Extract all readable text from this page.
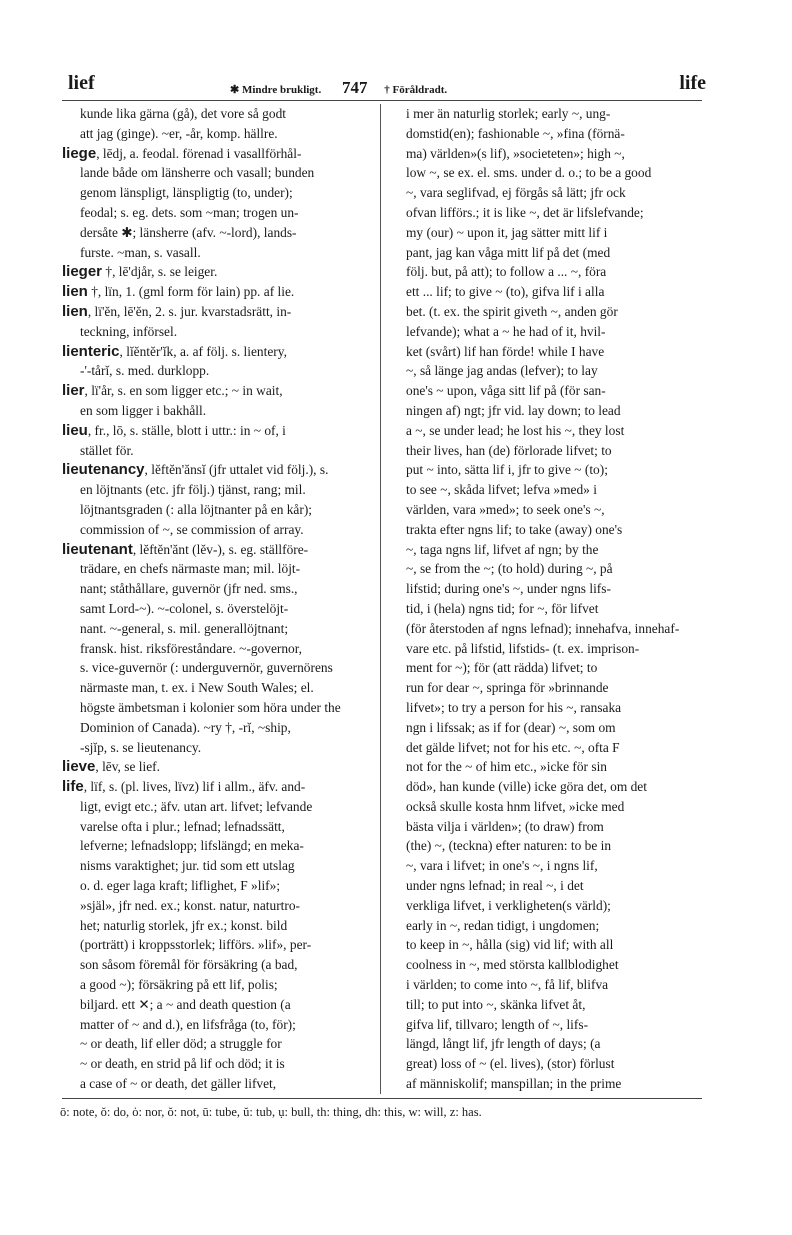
lief	✱ Mindre brukligt. 747 † Föråldradt.	life
kunde lika gärna (gå), det vore så godt
att jag (ginge). ~er, -år, komp. hällre.
liege, lēdj, a. feodal. förenad i vasallförhål-
lande både om länsherre och vasall; bunden
genom länspligt, länspligtig (to, under);
feodal; s. eg. dets. som ~man; trogen un-
dersåte ✱; länsherre (afv. ~-lord), lands-
furste. ~man, s. vasall.
lieger †, lē'djår, s. se leiger.
lien †, lïn, 1. (gml form för lain) pp. af lie.
lien, lï'ĕn, lē'ĕn, 2. s. jur. kvarstadsrätt, in-
teckning, införsel.
lienteric, lĭĕntĕr'ĭk, a. af följ. s. lientery,
-'-tårĭ, s. med. durklopp.
lier, lï'år, s. en som ligger etc.; ~ in wait,
en som ligger i bakhåll.
lieu, fr., lō, s. ställe, blott i uttr.: in ~ of, i
stället för.
lieutenancy, lĕftĕn'ănsĭ (jfr uttalet vid följ.), s.
en löjtnants (etc. jfr följ.) tjänst, rang; mil.
löjtnantsgraden (: alla löjtnanter på en kår);
commission of ~, se commission of array.
lieutenant, lĕftĕn'ănt (lĕv-), s. eg. ställföre-
trädare, en chefs närmaste man; mil. löjt-
nant; ståthållare, guvernör (jfr ned. sms.,
samt Lord-~). ~-colonel, s. överstelöjt-
nant. ~-general, s. mil. generallöjtnant;
fransk. hist. riksföreståndare. ~-governor,
s. vice-guvernör (: underguvernör, guvernörens
närmaste man, t. ex. i New South Wales; el.
högste ämbetsman i kolonier som höra under the
Dominion of Canada). ~ry †, -rĭ, ~ship,
-sjĭp, s. se lieutenancy.
lieve, lēv, se lief.
life, lïf, s. (pl. lives, lïvz) lif i allm., äfv. and-
ligt, evigt etc.; äfv. utan art. lifvet; lefvande
varelse ofta i plur.; lefnad; lefnadssätt,
lefverne; lefnadslopp; lifslängd; en meka-
nisms varaktighet; jur. tid som ett utslag
o. d. eger laga kraft; liflighet, F »lif»;
»själ», jfr ned. ex.; konst. natur, naturtro-
het; naturlig storlek, jfr ex.; konst. bild
(porträtt) i kroppsstorlek; lifförs. »lif», per-
son såsom föremål för försäkring (a bad,
a good ~); försäkring på ett lif, polis;
biljard. ett ✕; a ~ and death question (a
matter of ~ and d.), en lifsfråga (to, för);
~ or death, lif eller död; a struggle for
~ or death, en strid på lif och död; it is
a case of ~ or death, det gäller lifvet,
i mer än naturlig storlek; early ~, ung-
domstid(en); fashionable ~, »fina (förnä-
ma) världen»(s lif), »societeten»; high ~,
low ~, se ex. el. sms. under d. o.; to be a good
~, vara seglifvad, ej förgås så lätt; jfr ock
ofvan lifförs.; it is like ~, det är lifslefvande;
my (our) ~ upon it, jag sätter mitt lif i
pant, jag kan våga mitt lif på det (med
följ. but, på att); to follow a ... ~, föra
ett ... lif; to give ~ (to), gifva lif i alla
bet. (t. ex. the spirit giveth ~, anden gör
lefvande); what a ~ he had of it, hvil-
ket (svårt) lif han förde! while I have
~, så länge jag andas (lefver); to lay
one's ~ upon, våga sitt lif på (för san-
ningen af) ngt; jfr vid. lay down; to lead
a ~, se under lead; he lost his ~, they lost
their lives, han (de) förlorade lifvet; to
put ~ into, sätta lif i, jfr to give ~ (to);
to see ~, skåda lifvet; lefva »med» i
världen, vara »med»; to seek one's ~,
trakta efter ngns lif; to take (away) one's
~, taga ngns lif, lifvet af ngn; by the
~, se from the ~; (to hold) during ~, på
lifstid; during one's ~, under ngns lifs-
tid, i (hela) ngns tid; for ~, för lifvet
(för återstoden af ngns lefnad); innehafva, innehaf-
vare etc. på lifstid, lifstids- (t. ex. imprison-
ment for ~); för (att rädda) lifvet; to
run for dear ~, springa för »brinnande
lifvet»; to try a person for his ~, ransaka
ngn i lifssak; as if for (dear) ~, som om
det gälde lifvet; not for his etc. ~, ofta F
not for the ~ of him etc., »icke för sin
död», han kunde (ville) icke göra det, om det
också skulle kosta hnm lifvet, »icke med
bästa vilja i världen»; (to draw) from
(the) ~, (teckna) efter naturen: to be in
~, vara i lifvet; in one's ~, i ngns lif,
under ngns lefnad; in real ~, i det
verkliga lifvet, i verkligheten(s värld);
early in ~, redan tidigt, i ungdomen;
to keep in ~, hålla (sig) vid lif; with all
coolness in ~, med största kallblodighet
i världen; to come into ~, få lif, blifva
till; to put into ~, skänka lifvet åt,
gifva lif, tillvaro; length of ~, lifs-
längd, långt lif, jfr length of days; (a
great) loss of ~ (el. lives), (stor) förlust
af människolif; manspillan; in the prime
ō: note, ŏ: do, ȯ: nor, ŏ: not, ū: tube, ŭ: tub, ụ: bull, th: thing, dh: this, w: will, z: has.
